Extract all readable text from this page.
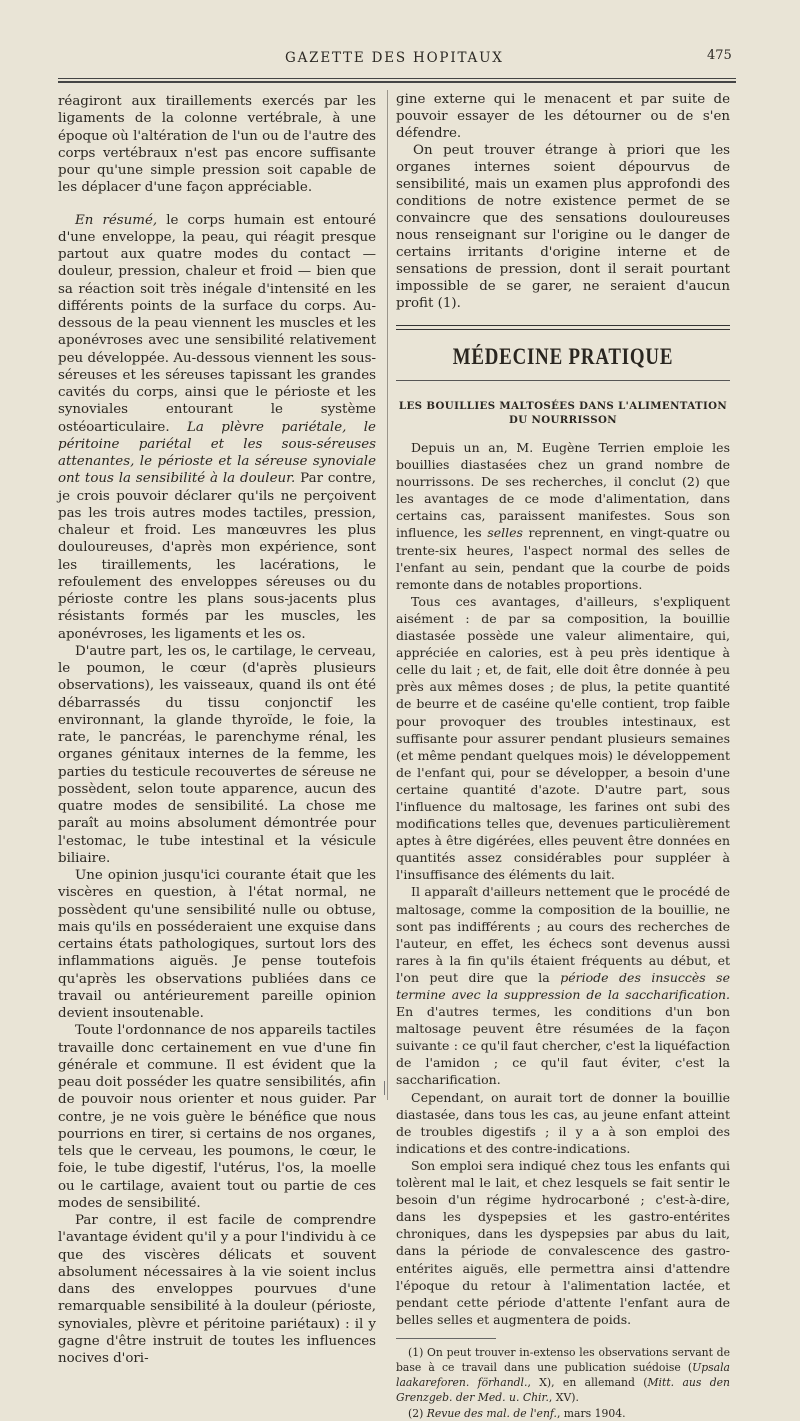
GAZETTE DES HOPITAUX	475

réagiront aux tiraillements exercés par les ligaments de la colonne vertébrale, à une époque où l'altération de l'un ou de l'autre des corps vertébraux n'est pas encore suffisante pour qu'une simple pression soit capable de les déplacer d'une façon appréciable.

En résumé, le corps humain est entouré d'une enveloppe, la peau, qui réagit presque partout aux quatre modes du contact — douleur, pression, chaleur et froid — bien que sa réaction soit très inégale d'intensité en les différents points de la surface du corps. Au-dessous de la peau viennent les muscles et les aponévroses avec une sensibilité relativement peu développée. Au-dessous viennent les sous-séreuses et les séreuses tapissant les grandes cavités du corps, ainsi que le périoste et les synoviales entourant le système ostéoarticulaire. La plèvre pariétale, le péritoine pariétal et les sous-séreuses attenantes, le périoste et la séreuse synoviale ont tous la sensibilité à la douleur. Par contre, je crois pouvoir déclarer qu'ils ne perçoivent pas les trois autres modes tactiles, pression, chaleur et froid. Les manœuvres les plus douloureuses, d'après mon expérience, sont les tiraillements, les lacérations, le refoulement des enveloppes séreuses ou du périoste contre les plans sous-jacents plus résistants formés par les muscles, les aponévroses, les ligaments et les os.

D'autre part, les os, le cartilage, le cerveau, le poumon, le cœur (d'après plusieurs observations), les vaisseaux, quand ils ont été débarrassés du tissu conjonctif les environnant, la glande thyroïde, le foie, la rate, le pancréas, le parenchyme rénal, les organes génitaux internes de la femme, les parties du testicule recouvertes de séreuse ne possèdent, selon toute apparence, aucun des quatre modes de sensibilité. La chose me paraît au moins absolument démontrée pour l'estomac, le tube intestinal et la vésicule biliaire.

Une opinion jusqu'ici courante était que les viscères en question, à l'état normal, ne possèdent qu'une sensibilité nulle ou obtuse, mais qu'ils en posséderaient une exquise dans certains états pathologiques, surtout lors des inflammations aiguës. Je pense toutefois qu'après les observations publiées dans ce travail ou antérieurement pareille opinion devient insoutenable.

Toute l'ordonnance de nos appareils tactiles travaille donc certainement en vue d'une fin générale et commune. Il est évident que la peau doit posséder les quatre sensibilités, afin de pouvoir nous orienter et nous guider. Par contre, je ne vois guère le bénéfice que nous pourrions en tirer, si certains de nos organes, tels que le cerveau, les poumons, le cœur, le foie, le tube digestif, l'utérus, l'os, la moelle ou le cartilage, avaient tout ou partie de ces modes de sensibilité.

Par contre, il est facile de comprendre l'avantage évident qu'il y a pour l'individu à ce que des viscères délicats et souvent absolument nécessaires à la vie soient inclus dans des enveloppes pourvues d'une remarquable sensibilité à la douleur (périoste, synoviales, plèvre et péritoine pariétaux) : il y gagne d'être instruit de toutes les influences nocives d'ori-

gine externe qui le menacent et par suite de pouvoir essayer de les détourner ou de s'en défendre.

On peut trouver étrange à priori que les organes internes soient dépourvus de sensibilité, mais un examen plus approfondi des conditions de notre existence permet de se convaincre que des sensations douloureuses nous renseignant sur l'origine ou le danger de certains irritants d'origine interne et de sensations de pression, dont il serait pourtant impossible de se garer, ne seraient d'aucun profit (1).

MÉDECINE PRATIQUE
LES BOUILLIES MALTOSÉES DANS L'ALIMENTATION
DU NOURRISSON

Depuis un an, M. Eugène Terrien emploie les bouillies diastasées chez un grand nombre de nourrissons. De ses recherches, il conclut (2) que les avantages de ce mode d'alimentation, dans certains cas, paraissent manifestes. Sous son influence, les selles reprennent, en vingt-quatre ou trente-six heures, l'aspect normal des selles de l'enfant au sein, pendant que la courbe de poids remonte dans de notables proportions.

Tous ces avantages, d'ailleurs, s'expliquent aisément : de par sa composition, la bouillie diastasée possède une valeur alimentaire, qui, appréciée en calories, est à peu près identique à celle du lait ; et, de fait, elle doit être donnée à peu près aux mêmes doses ; de plus, la petite quantité de beurre et de caséine qu'elle contient, trop faible pour provoquer des troubles intestinaux, est suffisante pour assurer pendant plusieurs semaines (et même pendant quelques mois) le développement de l'enfant qui, pour se développer, a besoin d'une certaine quantité d'azote. D'autre part, sous l'influence du maltosage, les farines ont subi des modifications telles que, devenues particulièrement aptes à être digérées, elles peuvent être données en quantités assez considérables pour suppléer à l'insuffisance des éléments du lait.

Il apparaît d'ailleurs nettement que le procédé de maltosage, comme la composition de la bouillie, ne sont pas indifférents ; au cours des recherches de l'auteur, en effet, les échecs sont devenus aussi rares à la fin qu'ils étaient fréquents au début, et l'on peut dire que la période des insuccès se termine avec la suppression de la saccharification. En d'autres termes, les conditions d'un bon maltosage peuvent être résumées de la façon suivante : ce qu'il faut chercher, c'est la liquéfaction de l'amidon ; ce qu'il faut éviter, c'est la saccharification.

Cependant, on aurait tort de donner la bouillie diastasée, dans tous les cas, au jeune enfant atteint de troubles digestifs ; il y a à son emploi des indications et des contre-indications.

Son emploi sera indiqué chez tous les enfants qui tolèrent mal le lait, et chez lesquels se fait sentir le besoin d'un régime hydrocarboné ; c'est-à-dire, dans les dyspepsies et les gastro-entérites chroniques, dans les dyspepsies par abus du lait, dans la période de convalescence des gastro-entérites aiguës, elle permettra ainsi d'attendre l'époque du retour à l'alimentation lactée, et pendant cette période d'attente l'enfant aura de belles selles et augmentera de poids.

(1) On peut trouver in-extenso les observations servant de base à ce travail dans une publication suédoise (Upsala laakareforen. förhandl., X), en allemand (Mitt. aus den Grenzgeb. der Med. u. Chir., XV).

(2) Revue des mal. de l'enf., mars 1904.
